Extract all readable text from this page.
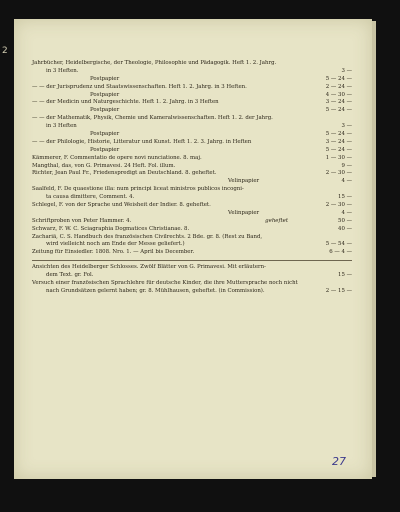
2
Jahrbücher, Heidelbergische, der Theologie, Philosophie und Pädagogik. Heft 1. 2. Jahrg.
in 3 Heften.	3 —
Postpapier	5 — 24 —
— — der Jurisprudenz und Staatswissenschaften. Heft 1. 2. Jahrg. in 3 Heften.	2 — 24 —
Postpapier	4 — 30 —
— — der Medicin und Naturgeschichte. Heft 1. 2. Jahrg. in 3 Heften	3 — 24 —
Postpapier	5 — 24 —
— — der Mathematik, Physik, Chemie und Kameralwissenschaften. Heft 1. 2. der Jahrg.
in 3 Heften	3 —
Postpapier	5 — 24 —
— — der Philologie, Historie, Litteratur und Kunst. Heft 1. 2. 3. Jahrg. in Heften	3 — 24 —
Postpapier	5 — 24 —
Kämmerer, F. Commentatio de opere novi nunciatione. 8. maj.	1 — 30 —
Mangthal, das, von G. Primavesi. 24 Heft. Fol. illum.	9 —
Richter, Jean Paul Fr., Friedenspredigt an Deutschland. 8. geheftet.	2 — 30 —
Velinpapier	4 —
Saalfeld, F. De quaestione illa: num principi liceat ministros publicos incogni-
ta causa dimittere, Comment. 4.	15 —
Schlegel, F. von der Sprache und Weisheit der Indier. 8. geheftet.	2 — 30 —
Velinpapier	4 —
Schriftproben von Peter Hammer. 4.	geheftet	50 —
Schwarz, F. W. C. Sciagraphia Dogmatices Christianae. 8.	40 —
Zachariä, C. S. Handbuch des französischen Civilrechts. 2 Bde. gr. 8. (Rest zu Band,
wird vielleicht noch am Ende der Messe geliefert.)	5 — 54 —
Zeitung für Einsiedler. 1808. Nro. 1. — April bis December.	6 — 4 —
Ansichten des Heidelberger Schlosses. Zwölf Blätter von G. Primavesi. Mit erläutern-
dem Text. gr. Fol.	15 —
Versuch einer französischen Sprachlehre für deutsche Kinder, die ihre Muttersprache noch nicht
nach Grundsätzen gelernt haben; gr. 8. Mühlhausen, geheftet. (in Commission).	2 — 15 —
27
